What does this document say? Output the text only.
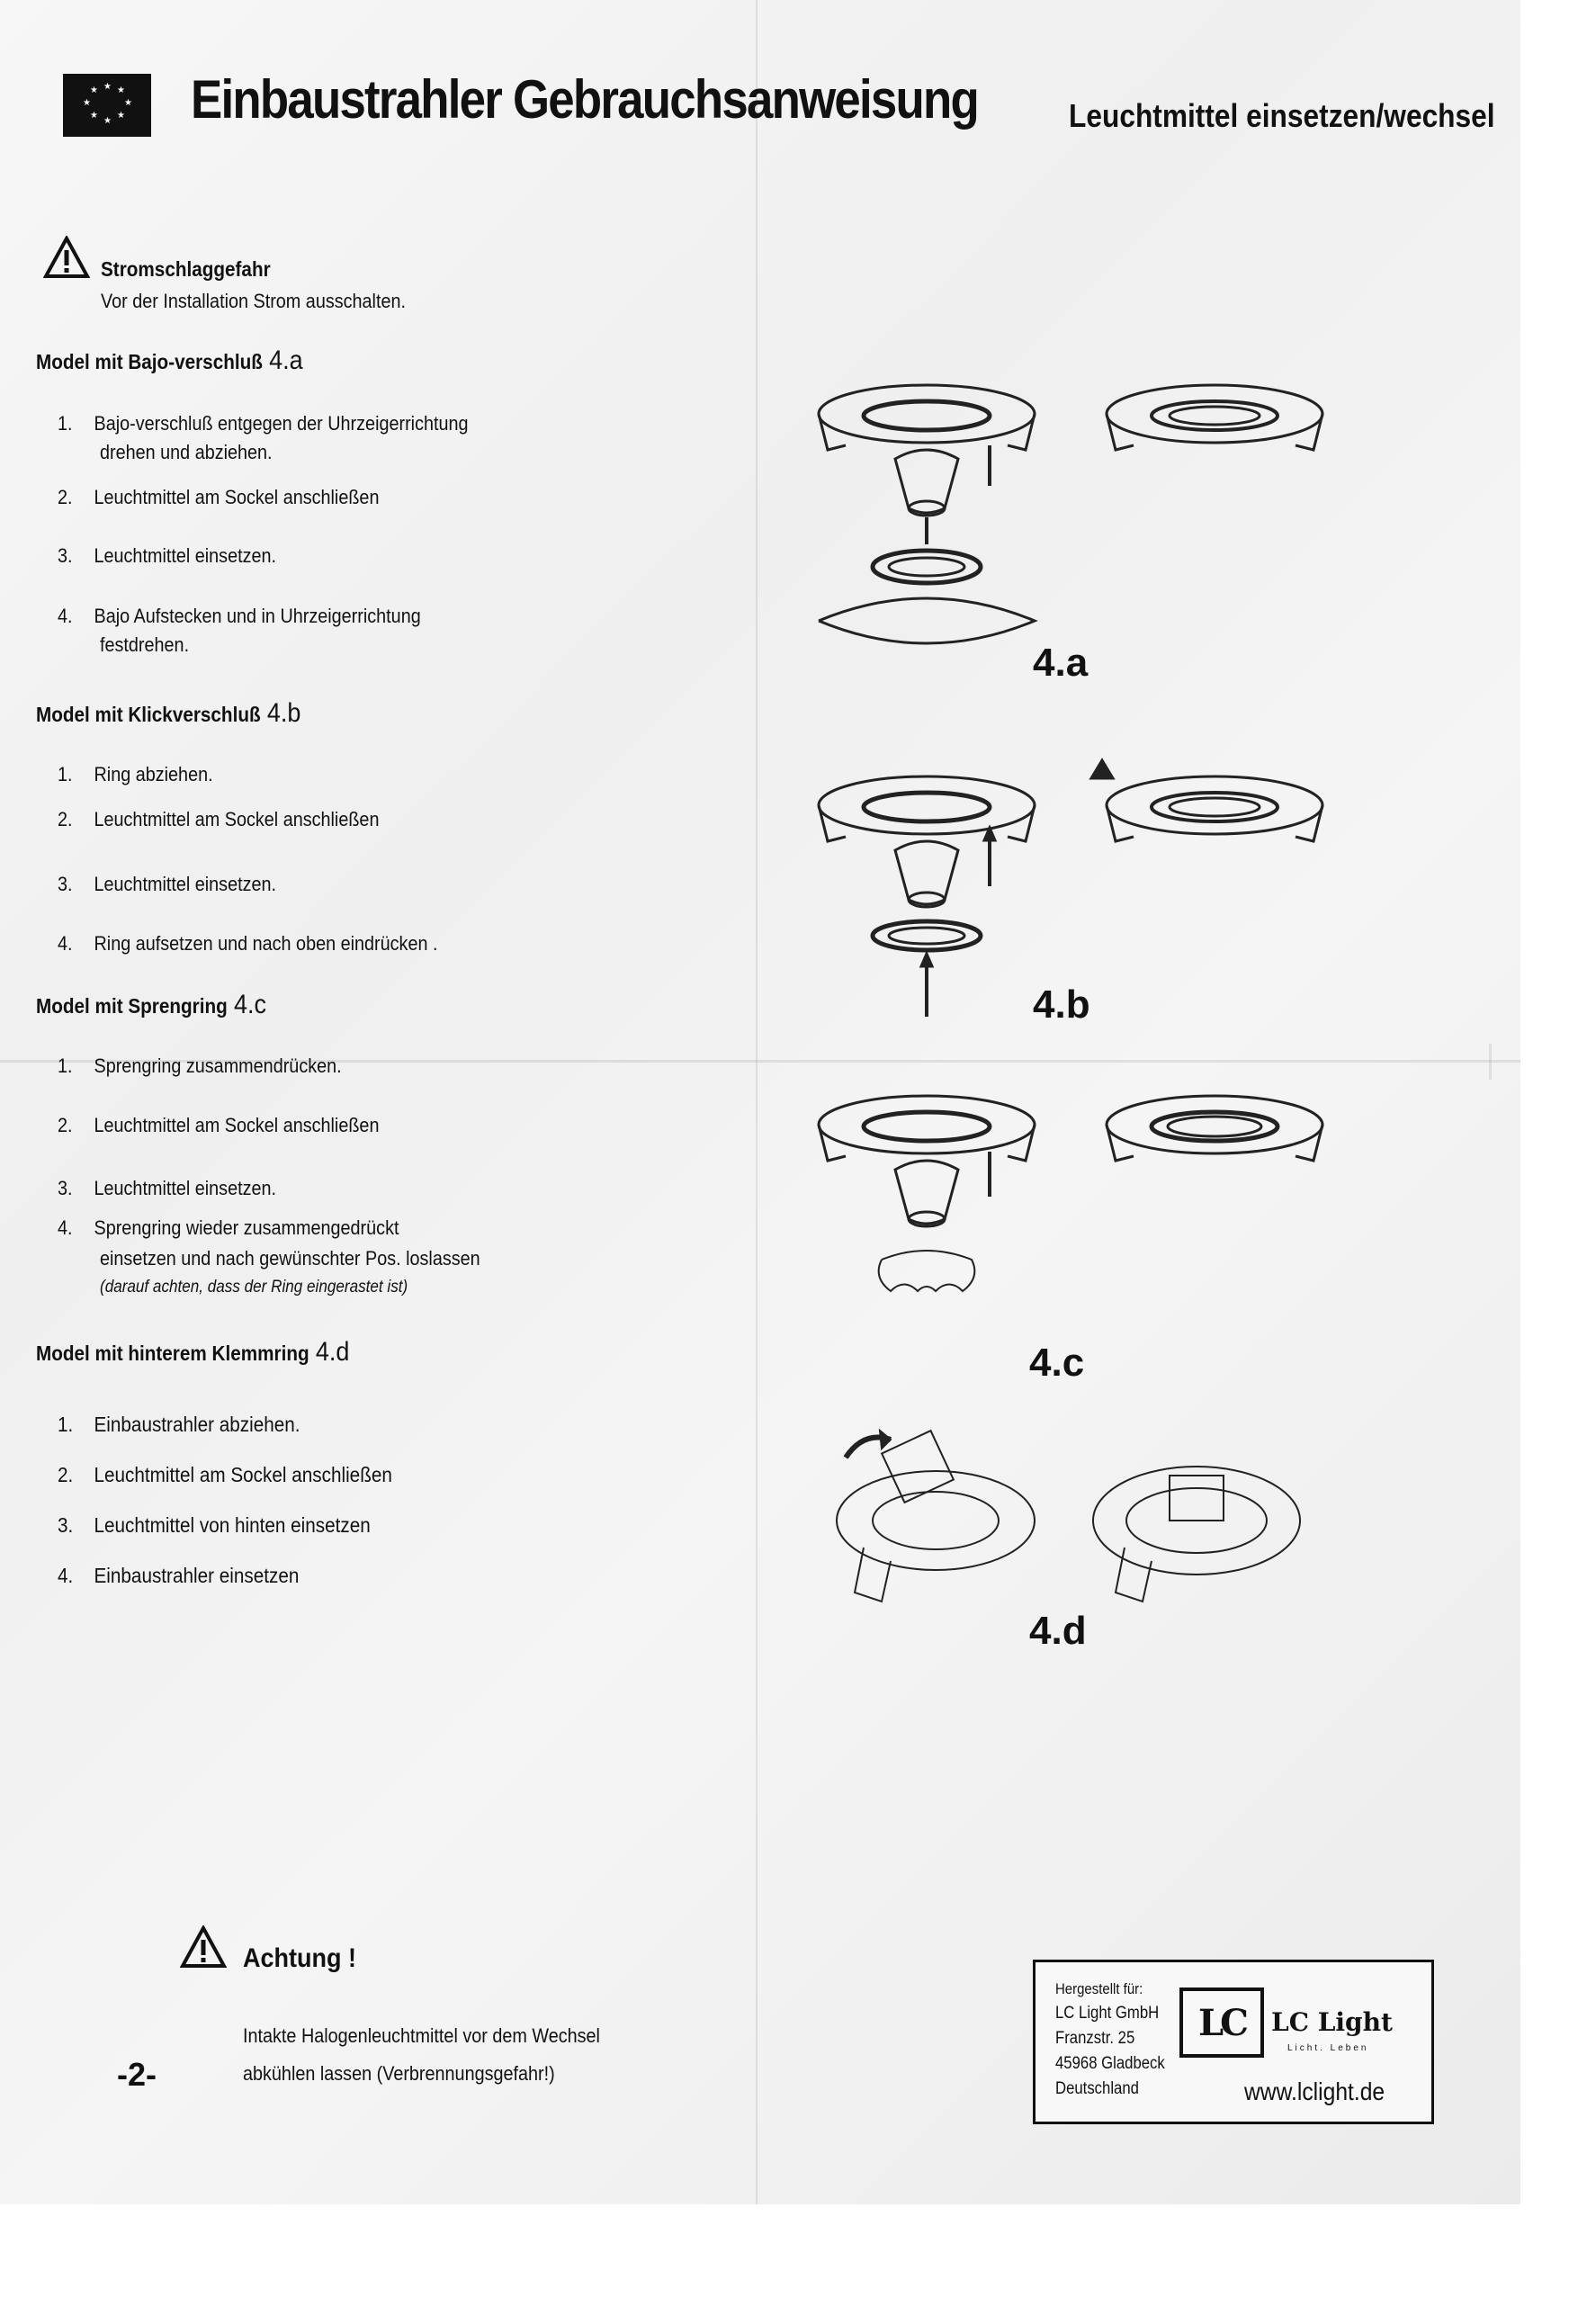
★ ★
★
★
★
★
★
★ Einbaustrahler Gebrauchsanweisung	Leuchtmittel einsetzen/wechsel
Stromschlaggefahr
Vor der Installation Strom ausschalten.
Model mit Bajo-verschluß 4.a
1. Bajo-verschluß entgegen der Uhrzeigerrichtung
drehen und abziehen.
2. Leuchtmittel am Sockel anschließen
3. Leuchtmittel einsetzen.
4. Bajo Aufstecken und in Uhrzeigerrichtung
festdrehen.
Model mit Klickverschluß 4.b
1. Ring abziehen.
2. Leuchtmittel am Sockel anschließen
3. Leuchtmittel einsetzen.
4. Ring aufsetzen und nach oben eindrücken .
Model mit Sprengring 4.c
1. Sprengring zusammendrücken.
2. Leuchtmittel am Sockel anschließen
3. Leuchtmittel einsetzen.
4. Sprengring wieder zusammengedrückt
einsetzen und nach gewünschter Pos. loslassen
(darauf achten, dass der Ring eingerastet ist)
Model mit hinterem Klemmring 4.d
1. Einbaustrahler abziehen.
2. Leuchtmittel am Sockel anschließen
3. Leuchtmittel von hinten einsetzen
4. Einbaustrahler einsetzen
4.a
4.b
4.c
4.d
Achtung !
Intakte Halogenleuchtmittel vor dem Wechsel
abkühlen lassen (Verbrennungsgefahr!)
-2-
Hergestellt für:
LC Light GmbH
Franzstr. 25
45968 Gladbeck
Deutschland
LC LC Light
Licht. Leben
www.lclight.de
